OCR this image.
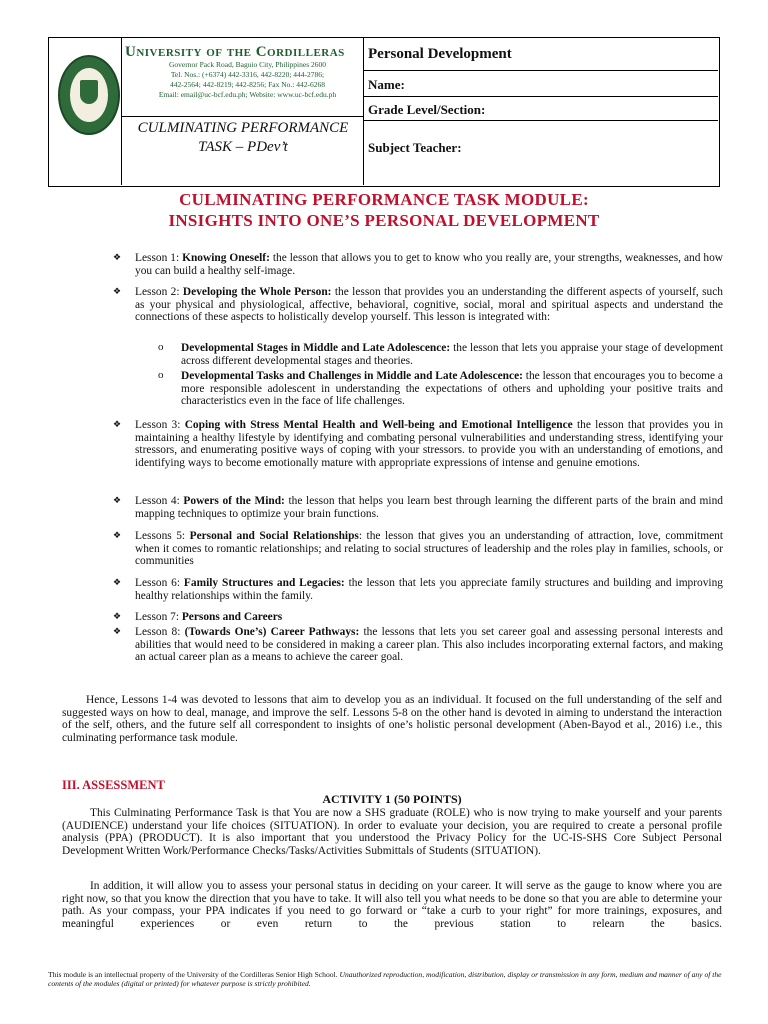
University of the Cordilleras
Governor Pack Road, Baguio City, Philippines 2600
Tel. Nos.: (+6374) 442-3316, 442-8220; 444-2786;
442-2564; 442-8219; 442-8256; Fax No.: 442-6268
Email: email@uc-bcf.edu.ph; Website: www.uc-bcf.edu.ph
CULMINATING PERFORMANCE TASK – PDev’t
Personal Development
Name:
Grade Level/Section:
Subject Teacher:
CULMINATING PERFORMANCE TASK MODULE:
INSIGHTS INTO ONE’S PERSONAL DEVELOPMENT
❖ Lesson 1: Knowing Oneself: the lesson that allows you to get to know who you really are, your strengths, weaknesses, and how you can build a healthy self-image.
❖ Lesson 2: Developing the Whole Person: the lesson that provides you an understanding the different aspects of yourself, such as your physical and physiological, affective, behavioral, cognitive, social, moral and spiritual aspects and understand the connections of these aspects to holistically develop yourself. This lesson is integrated with:
o Developmental Stages in Middle and Late Adolescence: the lesson that lets you appraise your stage of development across different developmental stages and theories.
o Developmental Tasks and Challenges in Middle and Late Adolescence: the lesson that encourages you to become a more responsible adolescent in understanding the expectations of others and upholding your positive traits and characteristics even in the face of life challenges.
❖ Lesson 3: Coping with Stress Mental Health and Well-being and Emotional Intelligence the lesson that provides you in maintaining a healthy lifestyle by identifying and combating personal vulnerabilities and understanding stress, identifying your stressors, and enumerating positive ways of coping with your stressors. to provide you with an understanding of emotions, and identifying ways to become emotionally mature with appropriate expressions of intense and genuine emotions.
❖ Lesson 4: Powers of the Mind: the lesson that helps you learn best through learning the different parts of the brain and mind mapping techniques to optimize your brain functions.
❖ Lessons 5: Personal and Social Relationships: the lesson that gives you an understanding of attraction, love, commitment when it comes to romantic relationships; and relating to social structures of leadership and the roles play in families, schools, or communities
❖ Lesson 6: Family Structures and Legacies: the lesson that lets you appreciate family structures and building and improving healthy relationships within the family.
❖ Lesson 7: Persons and Careers
❖ Lesson 8: (Towards One’s) Career Pathways: the lessons that lets you set career goal and assessing personal interests and abilities that would need to be considered in making a career plan. This also includes incorporating external factors, and making an actual career plan as a means to achieve the career goal.
Hence, Lessons 1-4 was devoted to lessons that aim to develop you as an individual. It focused on the full understanding of the self and suggested ways on how to deal, manage, and improve the self. Lessons 5-8 on the other hand is devoted in aiming to understand the interaction of the self, others, and the future self all correspondent to insights of one’s holistic personal development (Aben-Bayod et al., 2016) i.e., this culminating performance task module.
III. ASSESSMENT
ACTIVITY 1 (50 POINTS)
This Culminating Performance Task is that You are now a SHS graduate (ROLE) who is now trying to make yourself and your parents (AUDIENCE) understand your life choices (SITUATION). In order to evaluate your decision, you are required to create a personal profile analysis (PPA) (PRODUCT). It is also important that you understood the Privacy Policy for the UC-IS-SHS Core Subject Personal Development Written Work/Performance Checks/Tasks/Activities Submittals of Students (SITUATION).
In addition, it will allow you to assess your personal status in deciding on your career. It will serve as the gauge to know where you are right now, so that you know the direction that you have to take. It will also tell you what needs to be done so that you are able to determine your path. As your compass, your PPA indicates if you need to go forward or “take a curb to your right” for more trainings, exposures, and meaningful experiences or even return to the previous station to relearn the basics.
This module is an intellectual property of the University of the Cordilleras Senior High School. Unauthorized reproduction, modification, distribution, display or transmission in any form, medium and manner of any of the contents of the modules (digital or printed) for whatever purpose is strictly prohibited.
